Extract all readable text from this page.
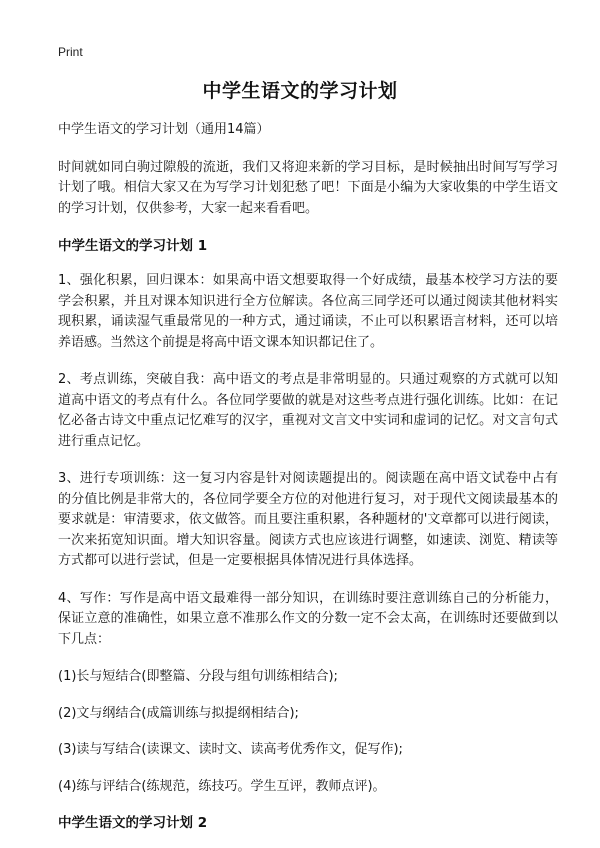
Print
中学生语文的学习计划

中学生语文的学习计划（通用14篇）

时间就如同白驹过隙般的流逝，我们又将迎来新的学习目标，是时候抽出时间写写学习计划了哦。相信大家又在为写学习计划犯愁了吧！下面是小编为大家收集的中学生语文的学习计划，仅供参考，大家一起来看看吧。

中学生语文的学习计划 1

1、强化积累，回归课本：如果高中语文想要取得一个好成绩，最基本校学习方法的要学会积累，并且对课本知识进行全方位解读。各位高三同学还可以通过阅读其他材料实现积累，诵读湿气重最常见的一种方式，通过诵读，不止可以积累语言材料，还可以培养语感。当然这个前提是将高中语文课本知识都记住了。

2、考点训练，突破自我：高中语文的考点是非常明显的。只通过观察的方式就可以知道高中语文的考点有什么。各位同学要做的就是对这些考点进行强化训练。比如：在记忆必备古诗文中重点记忆难写的汉字，重视对文言文中实词和虚词的记忆。对文言句式进行重点记忆。

3、进行专项训练：这一复习内容是针对阅读题提出的。阅读题在高中语文试卷中占有的分值比例是非常大的，各位同学要全方位的对他进行复习，对于现代文阅读最基本的要求就是：审清要求，依文做答。而且要注重积累，各种题材的'文章都可以进行阅读，一次来拓宽知识面。增大知识容量。阅读方式也应该进行调整，如速读、浏览、精读等方式都可以进行尝试，但是一定要根据具体情况进行具体选择。

4、写作：写作是高中语文最难得一部分知识，在训练时要注意训练自己的分析能力，保证立意的准确性，如果立意不准那么作文的分数一定不会太高，在训练时还要做到以下几点：

(1)长与短结合(即整篇、分段与组句训练相结合);

(2)文与纲结合(成篇训练与拟提纲相结合);

(3)读与写结合(读课文、读时文、读高考优秀作文，促写作);

(4)练与评结合(练规范，练技巧。学生互评，教师点评)。

中学生语文的学习计划 2
